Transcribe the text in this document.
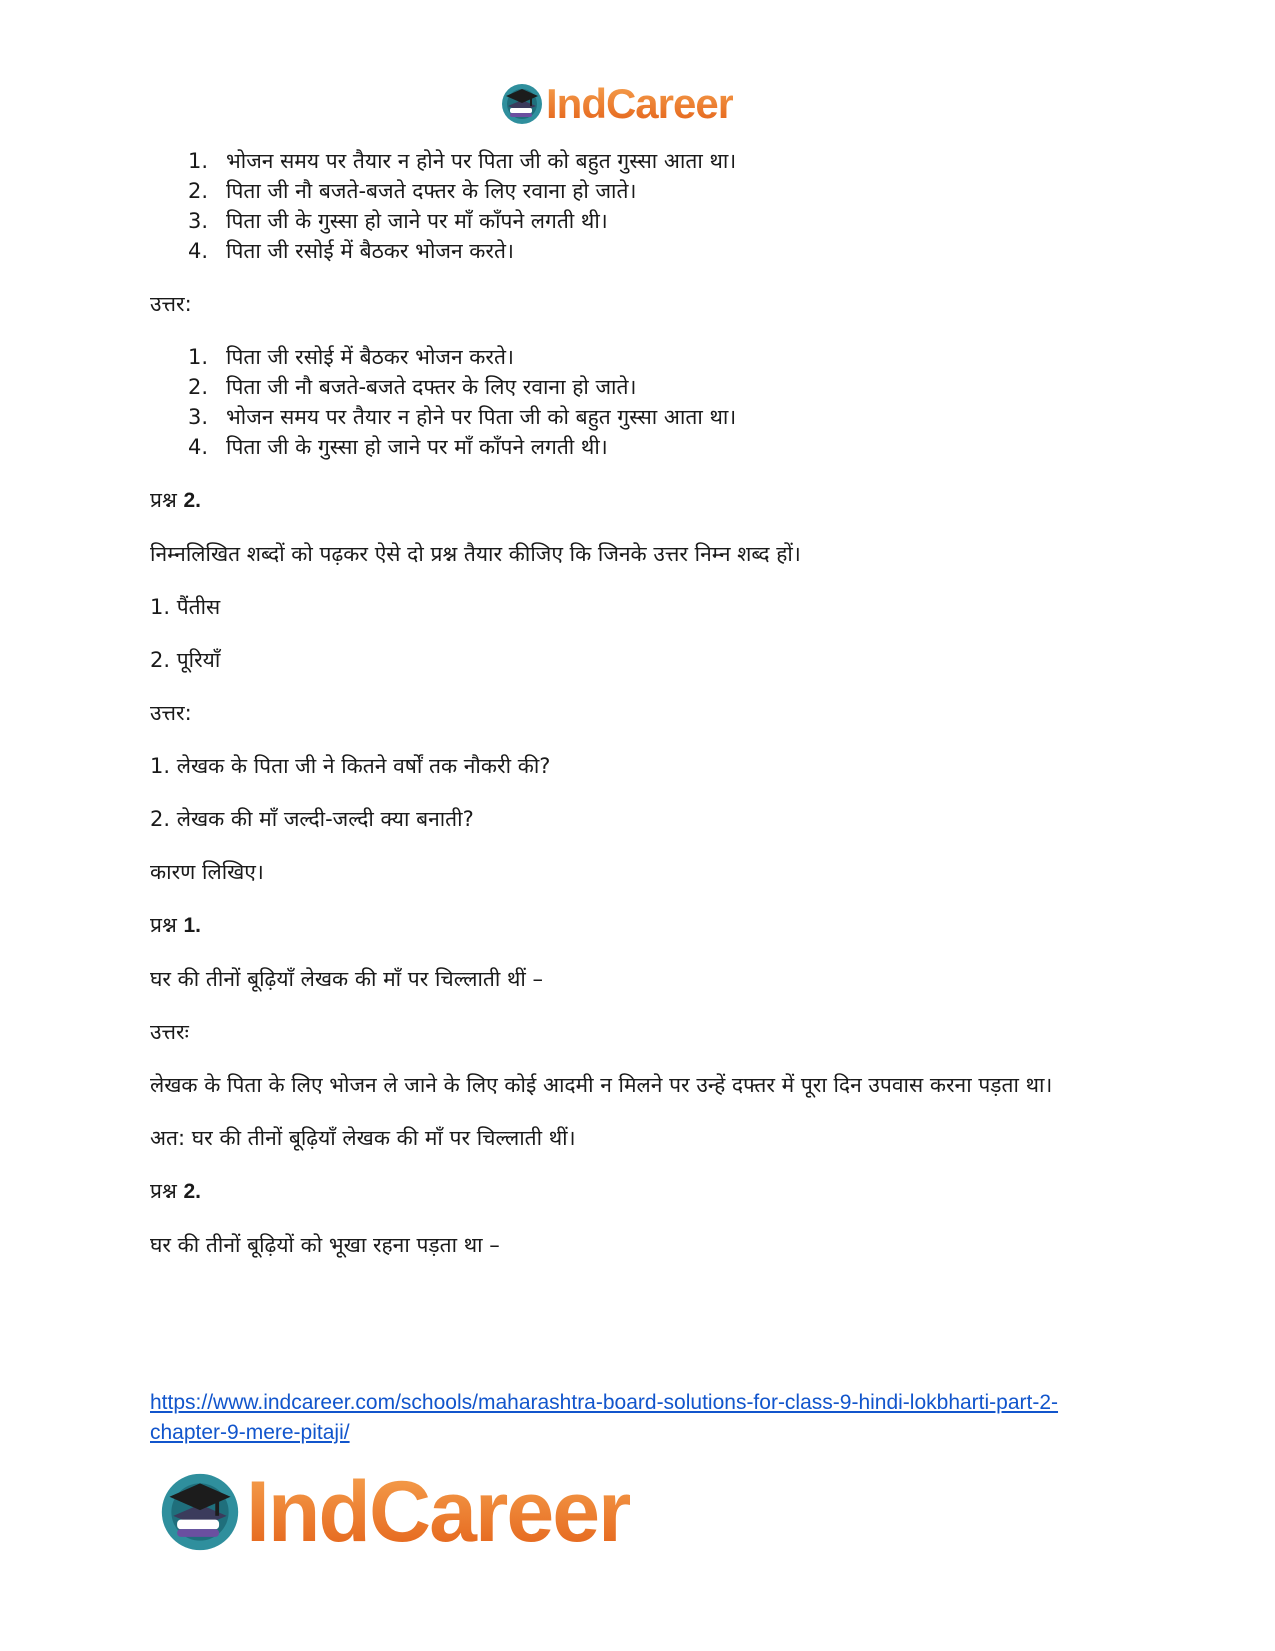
IndCareer
1. भोजन समय पर तैयार न होने पर पिता जी को बहुत गुस्सा आता था।
2. पिता जी नौ बजते-बजते दफ्तर के लिए रवाना हो जाते।
3. पिता जी के गुस्सा हो जाने पर माँ काँपने लगती थी।
4. पिता जी रसोई में बैठकर भोजन करते।

उत्तर:

1. पिता जी रसोई में बैठकर भोजन करते।
2. पिता जी नौ बजते-बजते दफ्तर के लिए रवाना हो जाते।
3. भोजन समय पर तैयार न होने पर पिता जी को बहुत गुस्सा आता था।
4. पिता जी के गुस्सा हो जाने पर माँ काँपने लगती थी।

प्रश्न 2.

निम्नलिखित शब्दों को पढ़कर ऐसे दो प्रश्न तैयार कीजिए कि जिनके उत्तर निम्न शब्द हों।

1. पैंतीस

2. पूरियाँ

उत्तर:

1. लेखक के पिता जी ने कितने वर्षों तक नौकरी की?

2. लेखक की माँ जल्दी-जल्दी क्या बनाती?

कारण लिखिए।

प्रश्न 1.

घर की तीनों बूढ़ियाँ लेखक की माँ पर चिल्लाती थीं –

उत्तरः

लेखक के पिता के लिए भोजन ले जाने के लिए कोई आदमी न मिलने पर उन्हें दफ्तर में पूरा दिन उपवास करना पड़ता था।

अत: घर की तीनों बूढ़ियाँ लेखक की माँ पर चिल्लाती थीं।

प्रश्न 2.

घर की तीनों बूढ़ियों को भूखा रहना पड़ता था –

https://www.indcareer.com/schools/maharashtra-board-solutions-for-class-9-hindi-lokbharti-part-2-chapter-9-mere-pitaji/
IndCareer
